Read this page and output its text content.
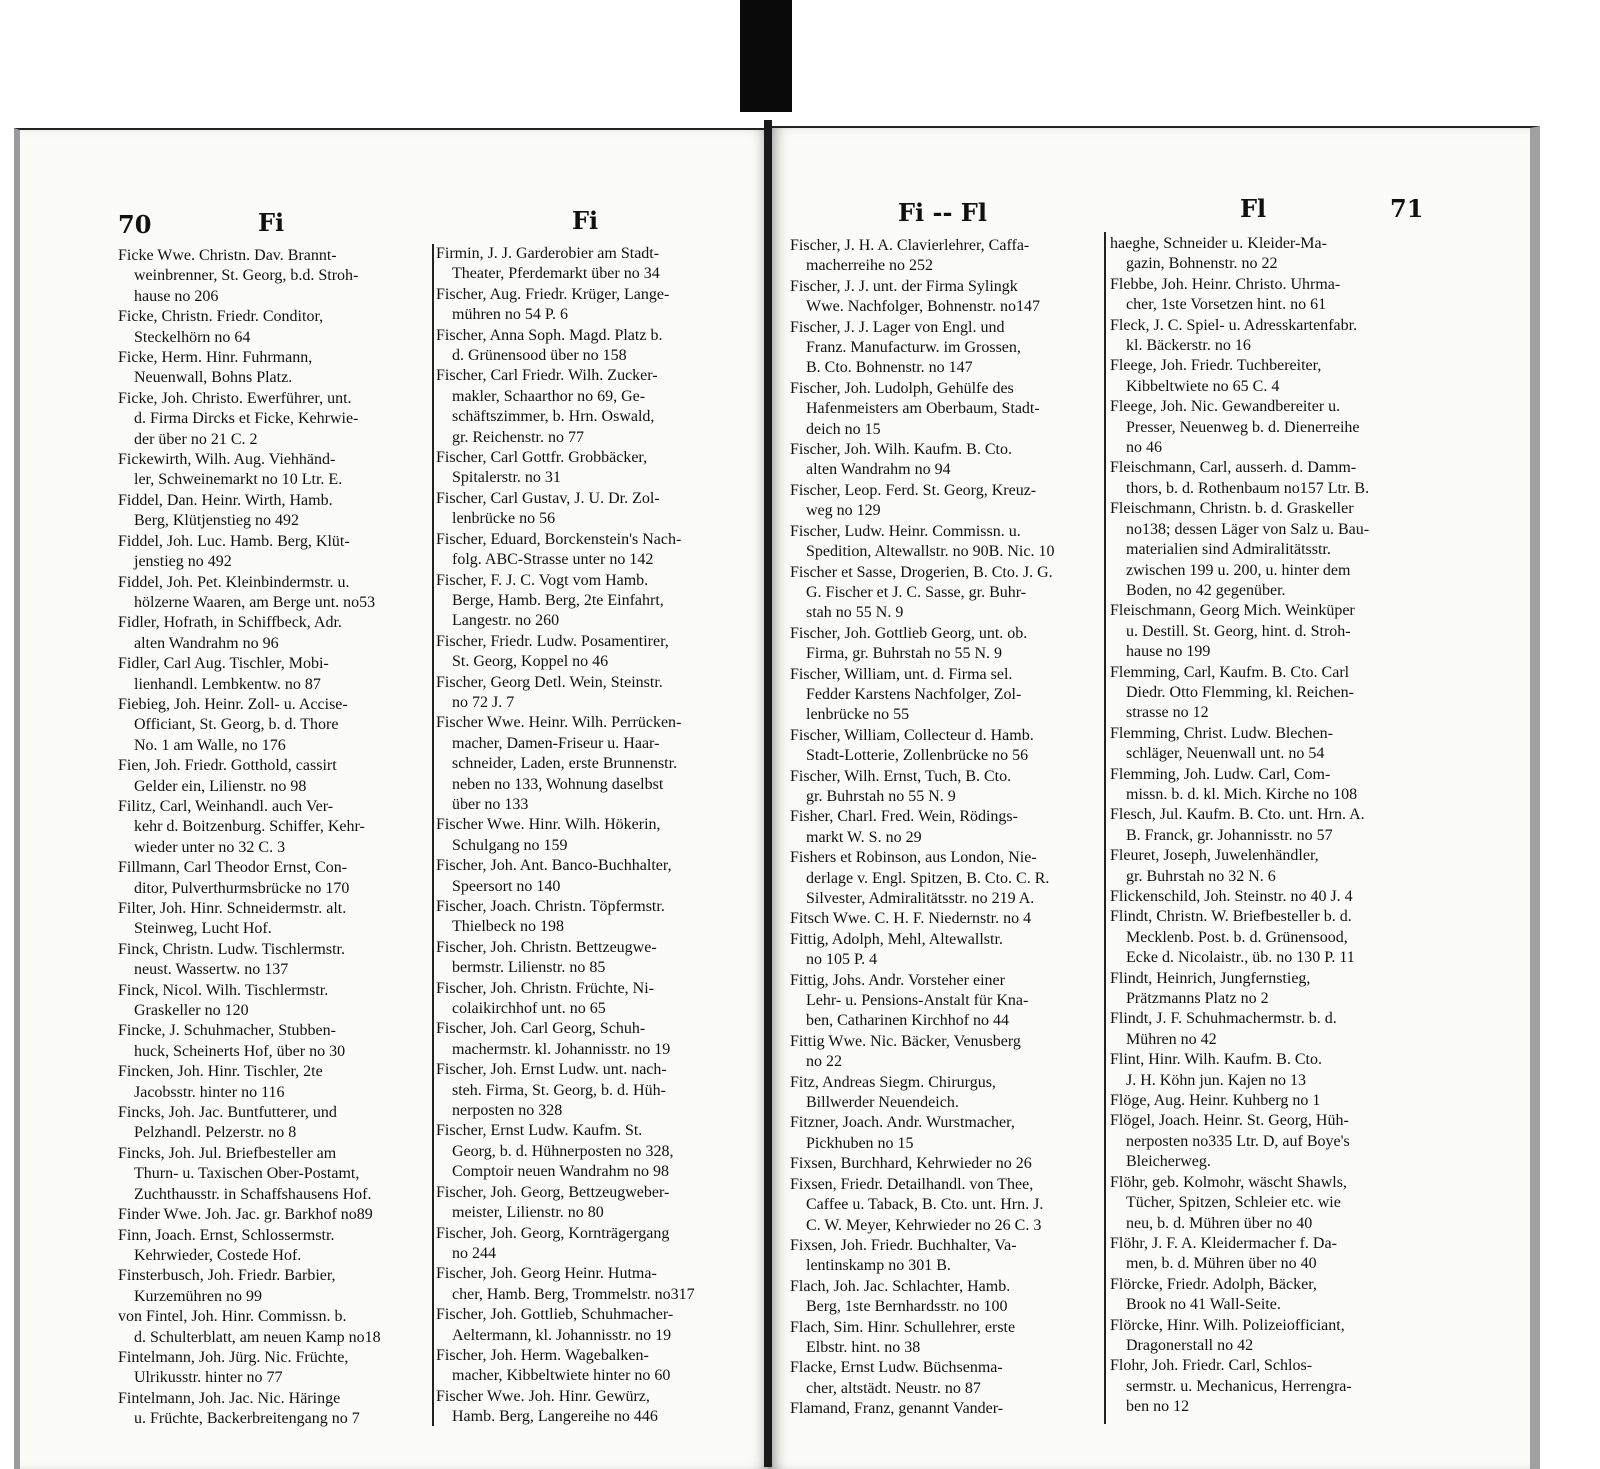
70	Fi	Fi	Fi -- Fl	Fl	71
Ficke Wwe. Christn. Dav. Brannt-
weinbrenner, St. Georg, b.d. Stroh-
hause no 206
Ficke, Christn. Friedr. Conditor,
Steckelhörn no 64
Ficke, Herm. Hinr. Fuhrmann,
Neuenwall, Bohns Platz.
Ficke, Joh. Christo. Ewerführer, unt.
d. Firma Dircks et Ficke, Kehrwie-
der über no 21 C. 2
Fickewirth, Wilh. Aug. Viehhänd-
ler, Schweinemarkt no 10 Ltr. E.
Fiddel, Dan. Heinr. Wirth, Hamb.
Berg, Klütjenstieg no 492
Fiddel, Joh. Luc. Hamb. Berg, Klüt-
jenstieg no 492
Fiddel, Joh. Pet. Kleinbindermstr. u.
hölzerne Waaren, am Berge unt. no53
Fidler, Hofrath, in Schiffbeck, Adr.
alten Wandrahm no 96
Fidler, Carl Aug. Tischler, Mobi-
lienhandl. Lembkentw. no 87
Fiebieg, Joh. Heinr. Zoll- u. Accise-
Officiant, St. Georg, b. d. Thore
No. 1 am Walle, no 176
Fien, Joh. Friedr. Gotthold, cassirt
Gelder ein, Lilienstr. no 98
Filitz, Carl, Weinhandl. auch Ver-
kehr d. Boitzenburg. Schiffer, Kehr-
wieder unter no 32 C. 3
Fillmann, Carl Theodor Ernst, Con-
ditor, Pulverthurmsbrücke no 170
Filter, Joh. Hinr. Schneidermstr. alt.
Steinweg, Lucht Hof.
Finck, Christn. Ludw. Tischlermstr.
neust. Wassertw. no 137
Finck, Nicol. Wilh. Tischlermstr.
Graskeller no 120
Fincke, J. Schuhmacher, Stubben-
huck, Scheinerts Hof, über no 30
Fincken, Joh. Hinr. Tischler, 2te
Jacobsstr. hinter no 116
Fincks, Joh. Jac. Buntfutterer, und
Pelzhandl. Pelzerstr. no 8
Fincks, Joh. Jul. Briefbesteller am
Thurn- u. Taxischen Ober-Postamt,
Zuchthausstr. in Schaffshausens Hof.
Finder Wwe. Joh. Jac. gr. Barkhof no89
Finn, Joach. Ernst, Schlossermstr.
Kehrwieder, Costede Hof.
Finsterbusch, Joh. Friedr. Barbier,
Kurzemühren no 99
von Fintel, Joh. Hinr. Commissn. b.
d. Schulterblatt, am neuen Kamp no18
Fintelmann, Joh. Jürg. Nic. Früchte,
Ulrikusstr. hinter no 77
Fintelmann, Joh. Jac. Nic. Häringe
u. Früchte, Backerbreitengang no 7
Firmin, J. J. Garderobier am Stadt-
Theater, Pferdemarkt über no 34
Fischer, Aug. Friedr. Krüger, Lange-
mühren no 54 P. 6
Fischer, Anna Soph. Magd. Platz b.
d. Grünensood über no 158
Fischer, Carl Friedr. Wilh. Zucker-
makler, Schaarthor no 69, Ge-
schäftszimmer, b. Hrn. Oswald,
gr. Reichenstr. no 77
Fischer, Carl Gottfr. Grobbäcker,
Spitalerstr. no 31
Fischer, Carl Gustav, J. U. Dr. Zol-
lenbrücke no 56
Fischer, Eduard, Borckenstein's Nach-
folg. ABC-Strasse unter no 142
Fischer, F. J. C. Vogt vom Hamb.
Berge, Hamb. Berg, 2te Einfahrt,
Langestr. no 260
Fischer, Friedr. Ludw. Posamentirer,
St. Georg, Koppel no 46
Fischer, Georg Detl. Wein, Steinstr.
no 72 J. 7
Fischer Wwe. Heinr. Wilh. Perrücken-
macher, Damen-Friseur u. Haar-
schneider, Laden, erste Brunnenstr.
neben no 133, Wohnung daselbst
über no 133
Fischer Wwe. Hinr. Wilh. Hökerin,
Schulgang no 159
Fischer, Joh. Ant. Banco-Buchhalter,
Speersort no 140
Fischer, Joach. Christn. Töpfermstr.
Thielbeck no 198
Fischer, Joh. Christn. Bettzeugwe-
bermstr. Lilienstr. no 85
Fischer, Joh. Christn. Früchte, Ni-
colaikirchhof unt. no 65
Fischer, Joh. Carl Georg, Schuh-
machermstr. kl. Johannisstr. no 19
Fischer, Joh. Ernst Ludw. unt. nach-
steh. Firma, St. Georg, b. d. Hüh-
nerposten no 328
Fischer, Ernst Ludw. Kaufm. St.
Georg, b. d. Hühnerposten no 328,
Comptoir neuen Wandrahm no 98
Fischer, Joh. Georg, Bettzeugweber-
meister, Lilienstr. no 80
Fischer, Joh. Georg, Kornträgergang
no 244
Fischer, Joh. Georg Heinr. Hutma-
cher, Hamb. Berg, Trommelstr. no317
Fischer, Joh. Gottlieb, Schuhmacher-
Aeltermann, kl. Johannisstr. no 19
Fischer, Joh. Herm. Wagebalken-
macher, Kibbeltwiete hinter no 60
Fischer Wwe. Joh. Hinr. Gewürz,
Hamb. Berg, Langereihe no 446
Fischer, J. H. A. Clavierlehrer, Caffa-
macherreihe no 252
Fischer, J. J. unt. der Firma Sylingk
Wwe. Nachfolger, Bohnenstr. no147
Fischer, J. J. Lager von Engl. und
Franz. Manufacturw. im Grossen,
B. Cto. Bohnenstr. no 147
Fischer, Joh. Ludolph, Gehülfe des
Hafenmeisters am Oberbaum, Stadt-
deich no 15
Fischer, Joh. Wilh. Kaufm. B. Cto.
alten Wandrahm no 94
Fischer, Leop. Ferd. St. Georg, Kreuz-
weg no 129
Fischer, Ludw. Heinr. Commissn. u.
Spedition, Altewallstr. no 90B. Nic. 10
Fischer et Sasse, Drogerien, B. Cto. J. G.
G. Fischer et J. C. Sasse, gr. Buhr-
stah no 55 N. 9
Fischer, Joh. Gottlieb Georg, unt. ob.
Firma, gr. Buhrstah no 55 N. 9
Fischer, William, unt. d. Firma sel.
Fedder Karstens Nachfolger, Zol-
lenbrücke no 55
Fischer, William, Collecteur d. Hamb.
Stadt-Lotterie, Zollenbrücke no 56
Fischer, Wilh. Ernst, Tuch, B. Cto.
gr. Buhrstah no 55 N. 9
Fisher, Charl. Fred. Wein, Rödings-
markt W. S. no 29
Fishers et Robinson, aus London, Nie-
derlage v. Engl. Spitzen, B. Cto. C. R.
Silvester, Admiralitätsstr. no 219 A.
Fitsch Wwe. C. H. F. Niedernstr. no 4
Fittig, Adolph, Mehl, Altewallstr.
no 105 P. 4
Fittig, Johs. Andr. Vorsteher einer
Lehr- u. Pensions-Anstalt für Kna-
ben, Catharinen Kirchhof no 44
Fittig Wwe. Nic. Bäcker, Venusberg
no 22
Fitz, Andreas Siegm. Chirurgus,
Billwerder Neuendeich.
Fitzner, Joach. Andr. Wurstmacher,
Pickhuben no 15
Fixsen, Burchhard, Kehrwieder no 26
Fixsen, Friedr. Detailhandl. von Thee,
Caffee u. Taback, B. Cto. unt. Hrn. J.
C. W. Meyer, Kehrwieder no 26 C. 3
Fixsen, Joh. Friedr. Buchhalter, Va-
lentinskamp no 301 B.
Flach, Joh. Jac. Schlachter, Hamb.
Berg, 1ste Bernhardsstr. no 100
Flach, Sim. Hinr. Schullehrer, erste
Elbstr. hint. no 38
Flacke, Ernst Ludw. Büchsenma-
cher, altstädt. Neustr. no 87
Flamand, Franz, genannt Vander-
haeghe, Schneider u. Kleider-Ma-
gazin, Bohnenstr. no 22
Flebbe, Joh. Heinr. Christo. Uhrma-
cher, 1ste Vorsetzen hint. no 61
Fleck, J. C. Spiel- u. Adresskartenfabr.
kl. Bäckerstr. no 16
Fleege, Joh. Friedr. Tuchbereiter,
Kibbeltwiete no 65 C. 4
Fleege, Joh. Nic. Gewandbereiter u.
Presser, Neuenweg b. d. Dienerreihe
no 46
Fleischmann, Carl, ausserh. d. Damm-
thors, b. d. Rothenbaum no157 Ltr. B.
Fleischmann, Christn. b. d. Graskeller
no138; dessen Läger von Salz u. Bau-
materialien sind Admiralitätsstr.
zwischen 199 u. 200, u. hinter dem
Boden, no 42 gegenüber.
Fleischmann, Georg Mich. Weinküper
u. Destill. St. Georg, hint. d. Stroh-
hause no 199
Flemming, Carl, Kaufm. B. Cto. Carl
Diedr. Otto Flemming, kl. Reichen-
strasse no 12
Flemming, Christ. Ludw. Blechen-
schläger, Neuenwall unt. no 54
Flemming, Joh. Ludw. Carl, Com-
missn. b. d. kl. Mich. Kirche no 108
Flesch, Jul. Kaufm. B. Cto. unt. Hrn. A.
B. Franck, gr. Johannisstr. no 57
Fleuret, Joseph, Juwelenhändler,
gr. Buhrstah no 32 N. 6
Flickenschild, Joh. Steinstr. no 40 J. 4
Flindt, Christn. W. Briefbesteller b. d.
Mecklenb. Post. b. d. Grünensood,
Ecke d. Nicolaistr., üb. no 130 P. 11
Flindt, Heinrich, Jungfernstieg,
Prätzmanns Platz no 2
Flindt, J. F. Schuhmachermstr. b. d.
Mühren no 42
Flint, Hinr. Wilh. Kaufm. B. Cto.
J. H. Köhn jun. Kajen no 13
Flöge, Aug. Heinr. Kuhberg no 1
Flögel, Joach. Heinr. St. Georg, Hüh-
nerposten no335 Ltr. D, auf Boye's
Bleicherweg.
Flöhr, geb. Kolmohr, wäscht Shawls,
Tücher, Spitzen, Schleier etc. wie
neu, b. d. Mühren über no 40
Flöhr, J. F. A. Kleidermacher f. Da-
men, b. d. Mühren über no 40
Flörcke, Friedr. Adolph, Bäcker,
Brook no 41 Wall-Seite.
Flörcke, Hinr. Wilh. Polizeiofficiant,
Dragonerstall no 42
Flohr, Joh. Friedr. Carl, Schlos-
sermstr. u. Mechanicus, Herrengra-
ben no 12
